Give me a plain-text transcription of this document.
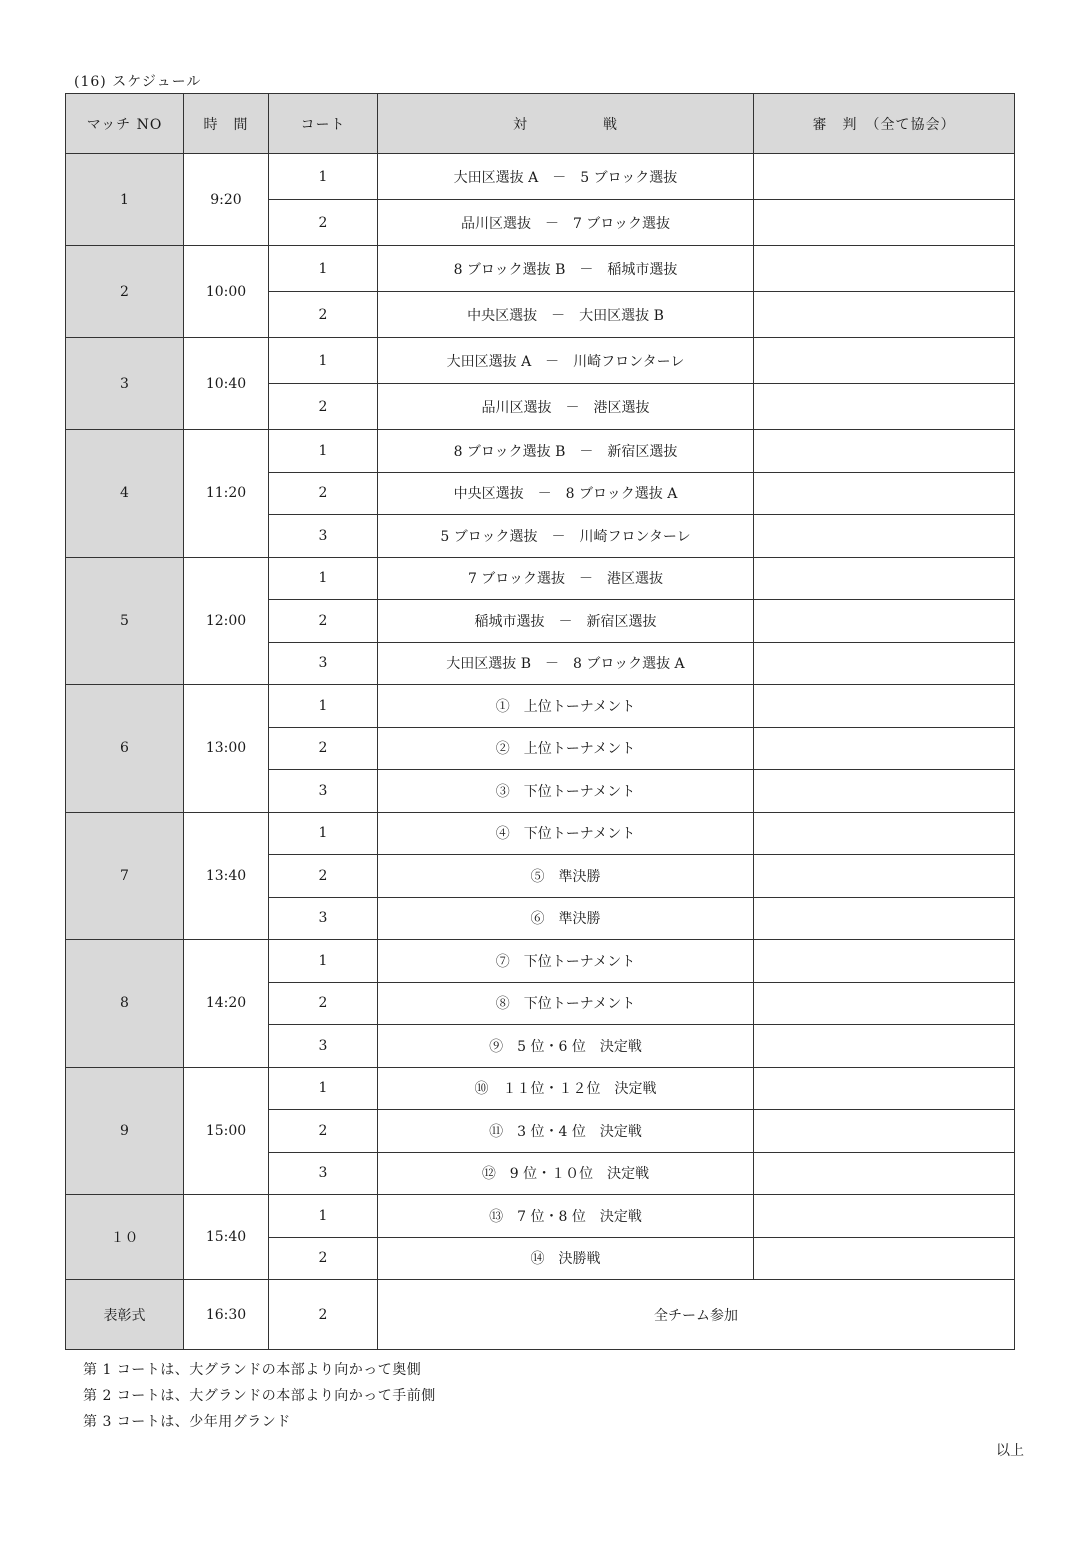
(16) スケジュール
マッチ NO	時　間	コート	対　　　　　戦	審　判　（全て協会）
1	9:20	1	大田区選抜 A　－　5 ブロック選抜	
		2	品川区選抜　－　7 ブロック選抜	
2	10:00	1	8 ブロック選抜 B　－　稲城市選抜	
		2	中央区選抜　－　大田区選抜 B	
3	10:40	1	大田区選抜 A　－　川崎フロンターレ	
		2	品川区選抜　－　港区選抜	
4	11:20	1	8 ブロック選抜 B　－　新宿区選抜	
		2	中央区選抜　－　8 ブロック選抜 A	
		3	5 ブロック選抜　－　川崎フロンターレ	
5	12:00	1	7 ブロック選抜　－　港区選抜	
		2	稲城市選抜　－　新宿区選抜	
		3	大田区選抜 B　－　8 ブロック選抜 A	
6	13:00	1	①　上位トーナメント	
		2	②　上位トーナメント	
		3	③　下位トーナメント	
7	13:40	1	④　下位トーナメント	
		2	⑤　準決勝	
		3	⑥　準決勝	
8	14:20	1	⑦　下位トーナメント	
		2	⑧　下位トーナメント	
		3	⑨　5 位・6 位　決定戦	
9	15:00	1	⑩　１１位・１２位　決定戦	
		2	⑪　3 位・4 位　決定戦	
		3	⑫　9 位・１０位　決定戦	
１０	15:40	1	⑬　7 位・8 位　決定戦	
		2	⑭　決勝戦	
表彰式	16:30	2	全チーム参加	
第 1 コートは、大グランドの本部より向かって奥側
第 2 コートは、大グランドの本部より向かって手前側
第 3 コートは、少年用グランド
以上
